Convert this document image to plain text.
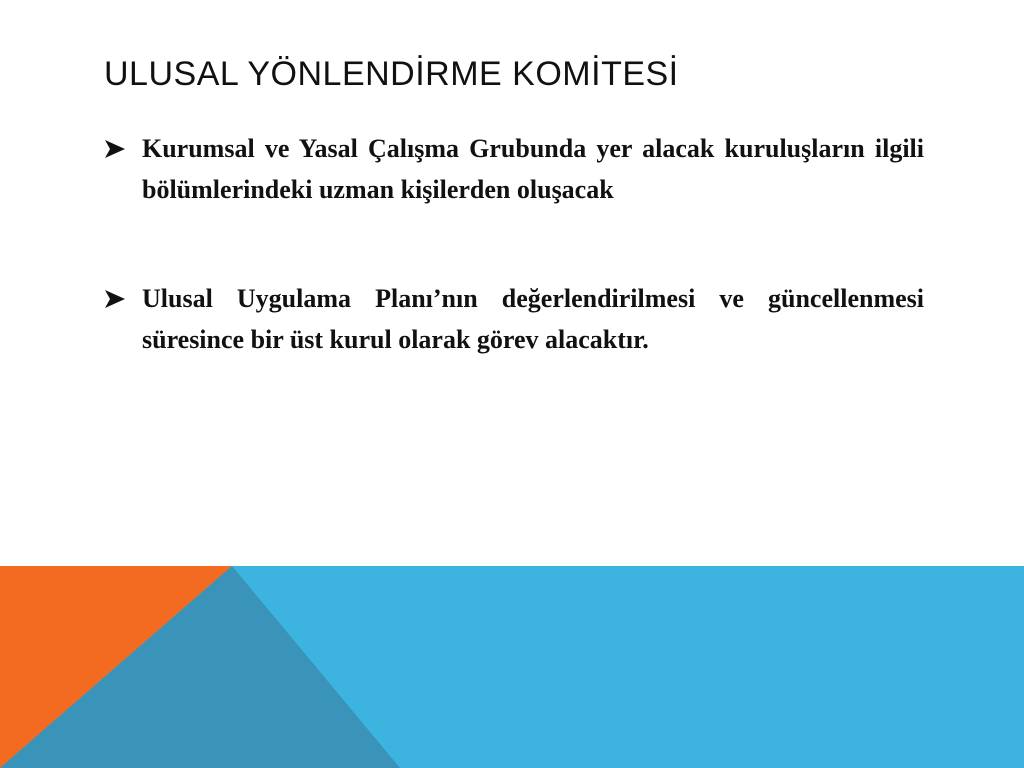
ULUSAL YÖNLENDİRME KOMİTESİ

Kurumsal ve Yasal Çalışma Grubunda yer alacak kuruluşların ilgili bölümlerindeki uzman kişilerden oluşacak

Ulusal Uygulama Planı’nın değerlendirilmesi ve güncellenmesi süresince bir üst kurul olarak görev alacaktır.
